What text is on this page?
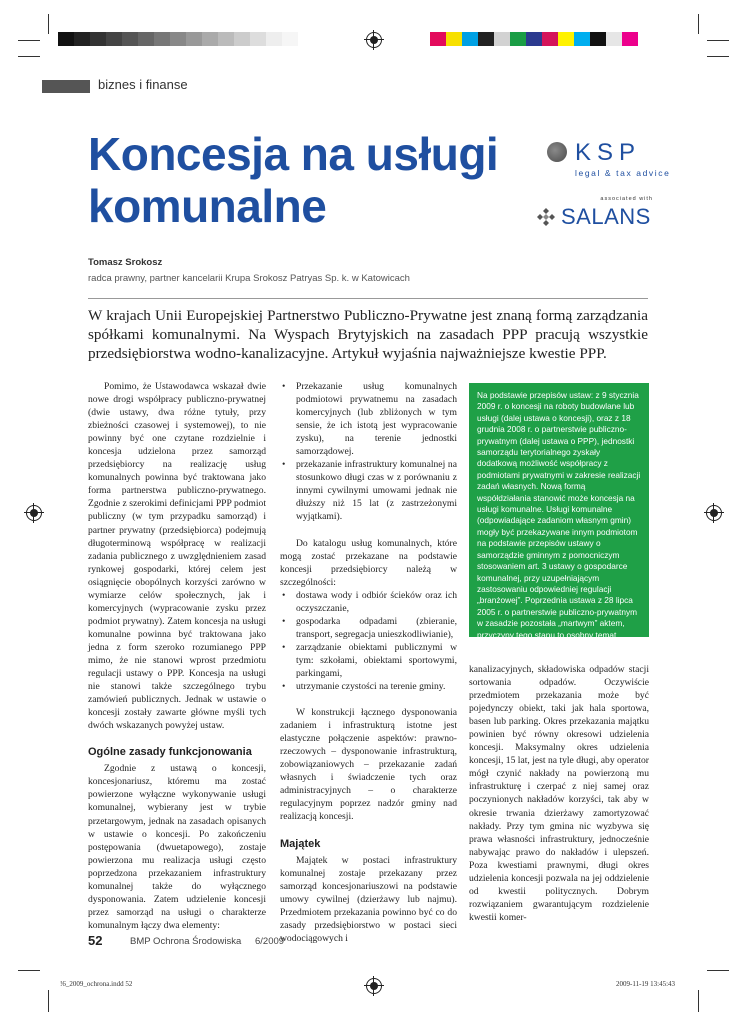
biznes i finanse
Koncesja na usługi
komunalne
KSP
legal & tax advice
associated with
SALANS
Tomasz Srokosz
radca prawny, partner kancelarii Krupa Srokosz Patryas Sp. k. w Katowicach

W krajach Unii Europejskiej Partnerstwo Publiczno-Prywatne jest znaną formą zarządzania spółkami komunalnymi. Na Wyspach Brytyjskich na zasadach PPP pracują wszystkie przedsiębiorstwa wodno-kanalizacyjne. Artykuł wyjaśnia najważniejsze kwestie PPP.

Pomimo, że Ustawodawca wskazał dwie nowe drogi współpracy publiczno-prywatnej (dwie ustawy, dwa różne tytuły, przy zbieżności czasowej i systemowej), to nie powinny być one czytane rozdzielnie i koncesja udzielona przez samorząd przedsiębiorcy na realizację usług komunalnych powinna być traktowana jako forma partnerstwa publiczno-prywatnego. Zgodnie z szerokimi definicjami PPP podmiot publiczny (w tym przypadku samorząd) i partner prywatny (przedsiębiorca) podejmują długoterminową współpracę w realizacji zadania publicznego z uwzględnieniem zasad rynkowej gospodarki, której celem jest osiągnięcie obopólnych korzyści zarówno w wymiarze celów społecznych, jak i komercyjnych (wypracowanie zysku przez podmiot prywatny). Zatem koncesja na usługi komunalne powinna być traktowana jako jedna z form szeroko rozumianego PPP mimo, że nie stanowi wprost przedmiotu regulacji ustawy o PPP. Koncesja na usługi nie stanowi także szczególnego trybu zamówień publicznych. Jednak w ustawie o koncesji zostały zawarte główne myśli tych dwóch wskazanych powyżej ustaw.

Ogólne zasady funkcjonowania

Zgodnie z ustawą o koncesji, koncesjonariusz, któremu ma zostać powierzone wyłączne wykonywanie usługi komunalnej, wybierany jest w trybie przetargowym, jednak na zasadach opisanych w ustawie o koncesji. Po zakończeniu postępowania (dwuetapowego), zostaje powierzona mu realizacja usługi często poprzedzona przekazaniem infrastruktury komunalnej także do wyłącznego dysponowania. Zatem udzielenie koncesji przez samorząd na usługi o charakterze komunalnym łączy dwa elementy:

• Przekazanie usług komunalnych podmiotowi prywatnemu na zasadach komercyjnych (lub zbliżonych w tym sensie, że ich istotą jest wypracowanie zysku), na terenie jednostki samorządowej.
• przekazanie infrastruktury komunalnej na stosunkowo długi czas w z porównaniu z innymi cywilnymi umowami jednak nie dłuższy niż 15 lat (z zastrzeżonymi wyjątkami).

Do katalogu usług komunalnych, które mogą zostać przekazane na podstawie koncesji przedsiębiorcy należą w szczególności:

• dostawa wody i odbiór ścieków oraz ich oczyszczanie,
• gospodarka odpadami (zbieranie, transport, segregacja unieszkodliwianie),
• zarządzanie obiektami publicznymi w tym: szkołami, obiektami sportowymi, parkingami,
• utrzymanie czystości na terenie gminy.

W konstrukcji łącznego dysponowania zadaniem i infrastrukturą istotne jest elastyczne połączenie aspektów: prawno-rzeczowych – dysponowanie infrastrukturą, zobowiązaniowych – przekazanie zadań własnych i świadczenie tych oraz administracyjnych – o charakterze regulacyjnym poprzez nadzór gminy nad realizacją koncesji.

Majątek

Majątek w postaci infrastruktury komunalnej zostaje przekazany przez samorząd koncesjonariuszowi na podstawie umowy cywilnej (dzierżawy lub najmu). Przedmiotem przekazania powinno być co do zasady przedsiębiorstwo w postaci sieci wodociągowych i

Na podstawie przepisów ustaw: z 9 stycznia 2009 r. o koncesji na roboty budowlane lub usługi (dalej ustawa o koncesji), oraz z 18 grudnia 2008 r. o partnerstwie publiczno-prywatnym (dalej ustawa o PPP), jednostki samorządu terytorialnego zyskały dodatkową możliwość współpracy z podmiotami prywatnymi w zakresie realizacji zadań własnych. Nową formą współdziałania stanowić może koncesja na usługi komunalne. Usługi komunalne (odpowiadające zadaniom własnym gmin) mogły być przekazywane innym podmiotom na podstawie przepisów ustawy o samorządzie gminnym z pomocniczym stosowaniem art. 3 ustawy o gospodarce komunalnej, przy uzupełniającym zastosowaniu odpowiedniej regulacji „branżowej”. Poprzednia ustawa z 28 lipca 2005 r. o partnerstwie publiczno-prywatnym w zasadzie pozostała „martwym” aktem, przyczyny tego stanu to osobny temat.

kanalizacyjnych, składowiska odpadów stacji sortowania odpadów. Oczywiście przedmiotem przekazania może być pojedynczy obiekt, taki jak hala sportowa, basen lub parking. Okres przekazania majątku powinien być równy okresowi udzielenia koncesji. Maksymalny okres udzielenia koncesji, 15 lat, jest na tyle długi, aby operator mógł czynić nakłady na powierzoną mu infrastrukturę i czerpać z niej samej oraz poczynionych nakładów korzyści, tak aby w okresie trwania dzierżawy zamortyzować nakłady. Przy tym gmina nic wyzbywa się prawa własności infrastruktury, jednocześnie nabywając prawo do nakładów i ulepszeń. Poza kwestiami prawnymi, długi okres udzielenia koncesji pozwala na jej oddzielenie od kwestii politycznych. Dobrym rozwiązaniem gwarantującym rozdzielenie kwestii komer-

52	BMP Ochrona Środowiska 6/2009
!6_2009_ochrona.indd 52	2009-11-19 13:45:43
